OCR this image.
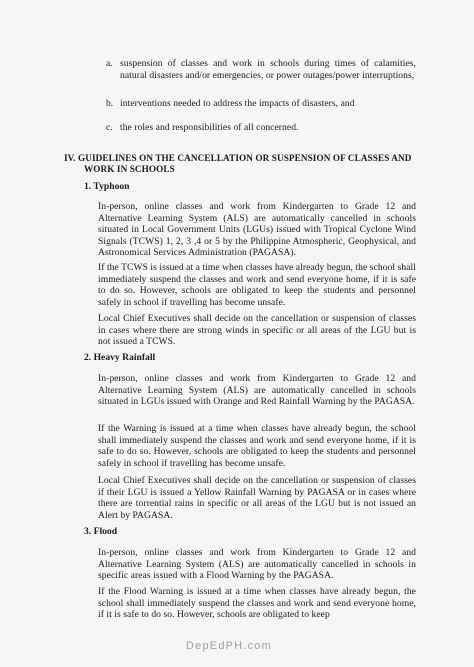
a. suspension of classes and work in schools during times of calamities, natural disasters and/or emergencies, or power outages/power interruptions,

b. interventions needed to address the impacts of disasters, and

c. the roles and responsibilities of all concerned.

IV. GUIDELINES ON THE CANCELLATION OR SUSPENSION OF CLASSES AND
WORK IN SCHOOLS
1. Typhoon

In-person, online classes and work from Kindergarten to Grade 12 and Alternative Learning System (ALS) are automatically cancelled in schools situated in Local Government Units (LGUs) issued with Tropical Cyclone Wind Signals (TCWS) 1, 2, 3 ,4 or 5 by the Philippine Atmospheric, Geophysical, and Astronomical Services Administration (PAGASA).

If the TCWS is issued at a time when classes have already begun, the school shall immediately suspend the classes and work and send everyone home, if it is safe to do so. However, schools are obligated to keep the students and personnel safely in school if travelling has become unsafe.

Local Chief Executives shall decide on the cancellation or suspension of classes in cases where there are strong winds in specific or all areas of the LGU but is not issued a TCWS.

2. Heavy Rainfall

In-person, online classes and work from Kindergarten to Grade 12 and Alternative Learning System (ALS) are automatically cancelled in schools situated in LGUs issued with Orange and Red Rainfall Warning by the PAGASA.

If the Warning is issued at a time when classes have already begun, the school shall immediately suspend the classes and work and send everyone home, if it is safe to do so. However, schools are obligated to keep the students and personnel safely in school if travelling has become unsafe.

Local Chief Executives shall decide on the cancellation or suspension of classes if their LGU is issued a Yellow Rainfall Warning by PAGASA or in cases where there are torrential rains in specific or all areas of the LGU but is not issued an Alert by PAGASA.

3. Flood

In-person, online classes and work from Kindergarten to Grade 12 and Alternative Learning System (ALS) are automatically cancelled in schools in specific areas issued with a Flood Warning by the PAGASA.

If the Flood Warning is issued at a time when classes have already begun, the school shall immediately suspend the classes and work and send everyone home, if it is safe to do so. However, schools are obligated to keep

DepEdPH.com
